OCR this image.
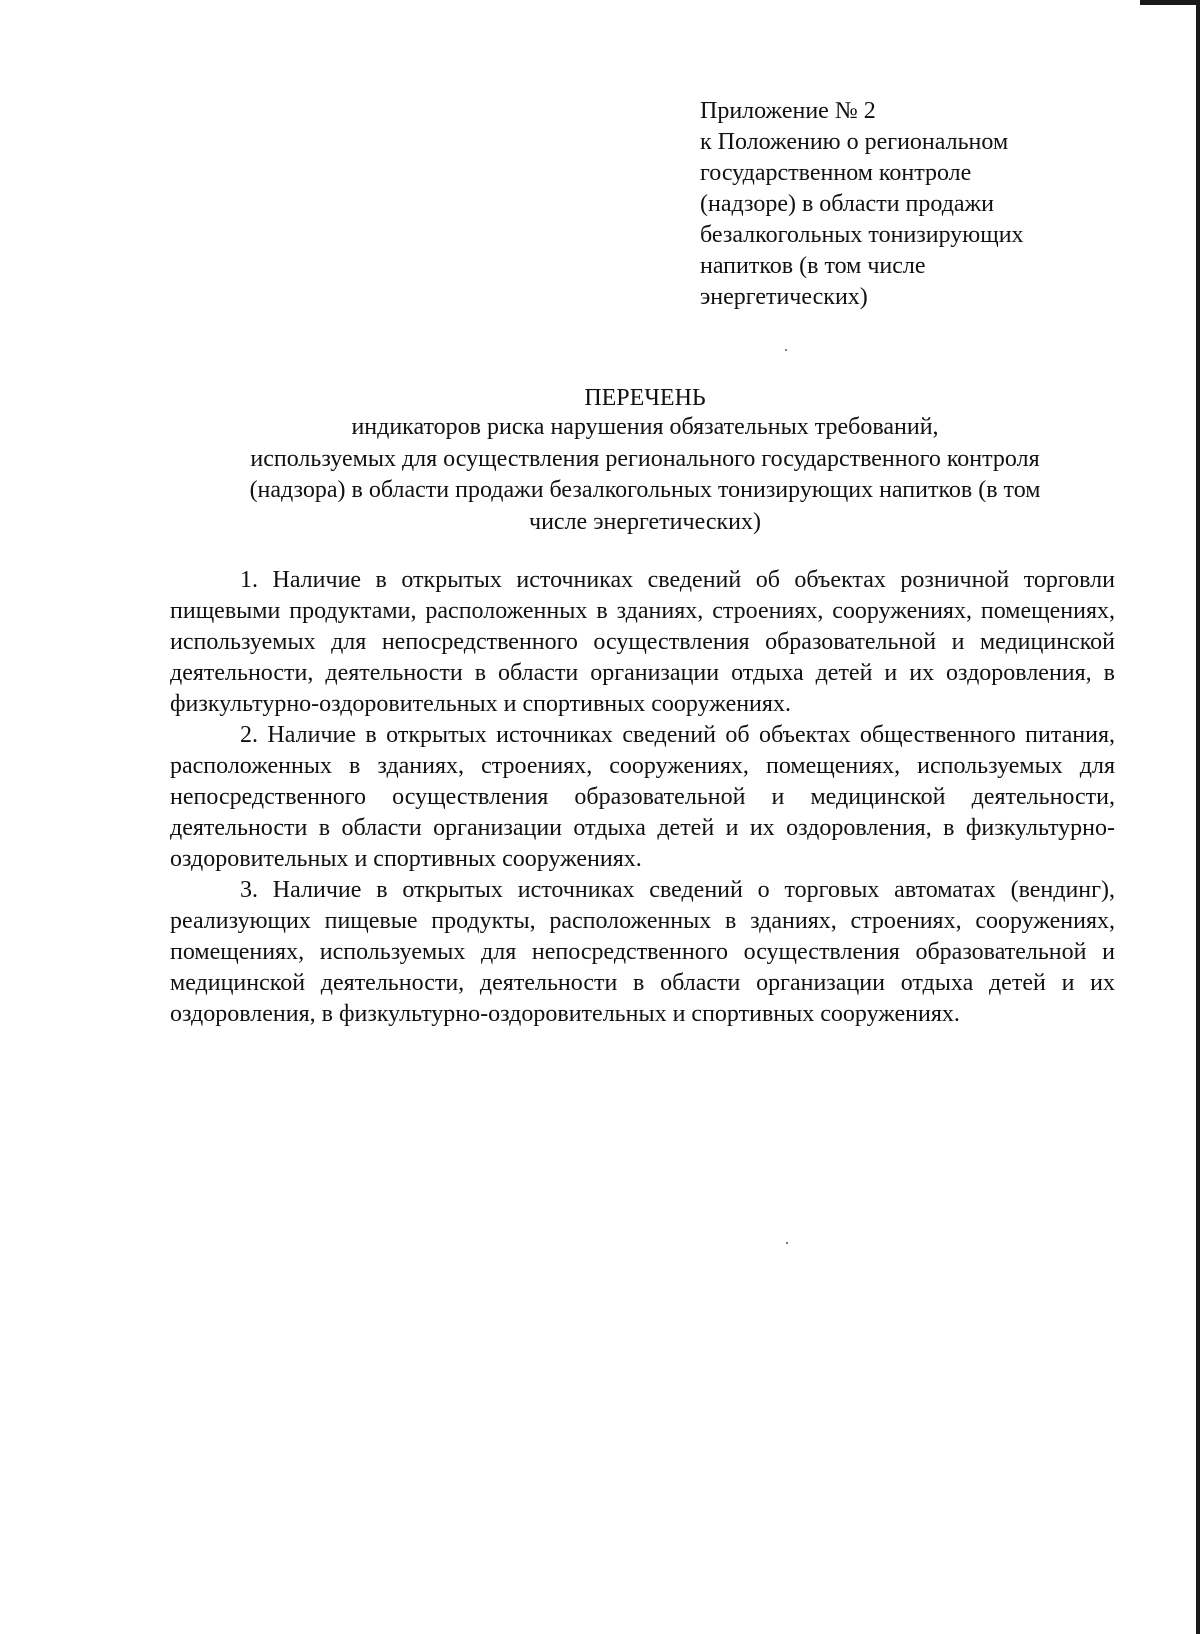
Приложение № 2
к Положению о региональном
государственном контроле
(надзоре) в области продажи
безалкогольных тонизирующих
напитков (в том числе
энергетических)
ПЕРЕЧЕНЬ
индикаторов риска нарушения обязательных требований,
используемых для осуществления регионального государственного контроля
(надзора) в области продажи безалкогольных тонизирующих напитков (в том
числе энергетических)

1. Наличие в открытых источниках сведений об объектах розничной торговли пищевыми продуктами, расположенных в зданиях, строениях, сооружениях, помещениях, используемых для непосредственного осуществления образовательной и медицинской деятельности, деятельности в области организации отдыха детей и их оздоровления, в физкультурно-оздоровительных и спортивных сооружениях.

2. Наличие в открытых источниках сведений об объектах общественного питания, расположенных в зданиях, строениях, сооружениях, помещениях, используемых для непосредственного осуществления образовательной и медицинской деятельности, деятельности в области организации отдыха детей и их оздоровления, в физкультурно-оздоровительных и спортивных сооружениях.

3. Наличие в открытых источниках сведений о торговых автоматах (вендинг), реализующих пищевые продукты, расположенных в зданиях, строениях, сооружениях, помещениях, используемых для непосредственного осуществления образовательной и медицинской деятельности, деятельности в области организации отдыха детей и их оздоровления, в физкультурно-оздоровительных и спортивных сооружениях.
